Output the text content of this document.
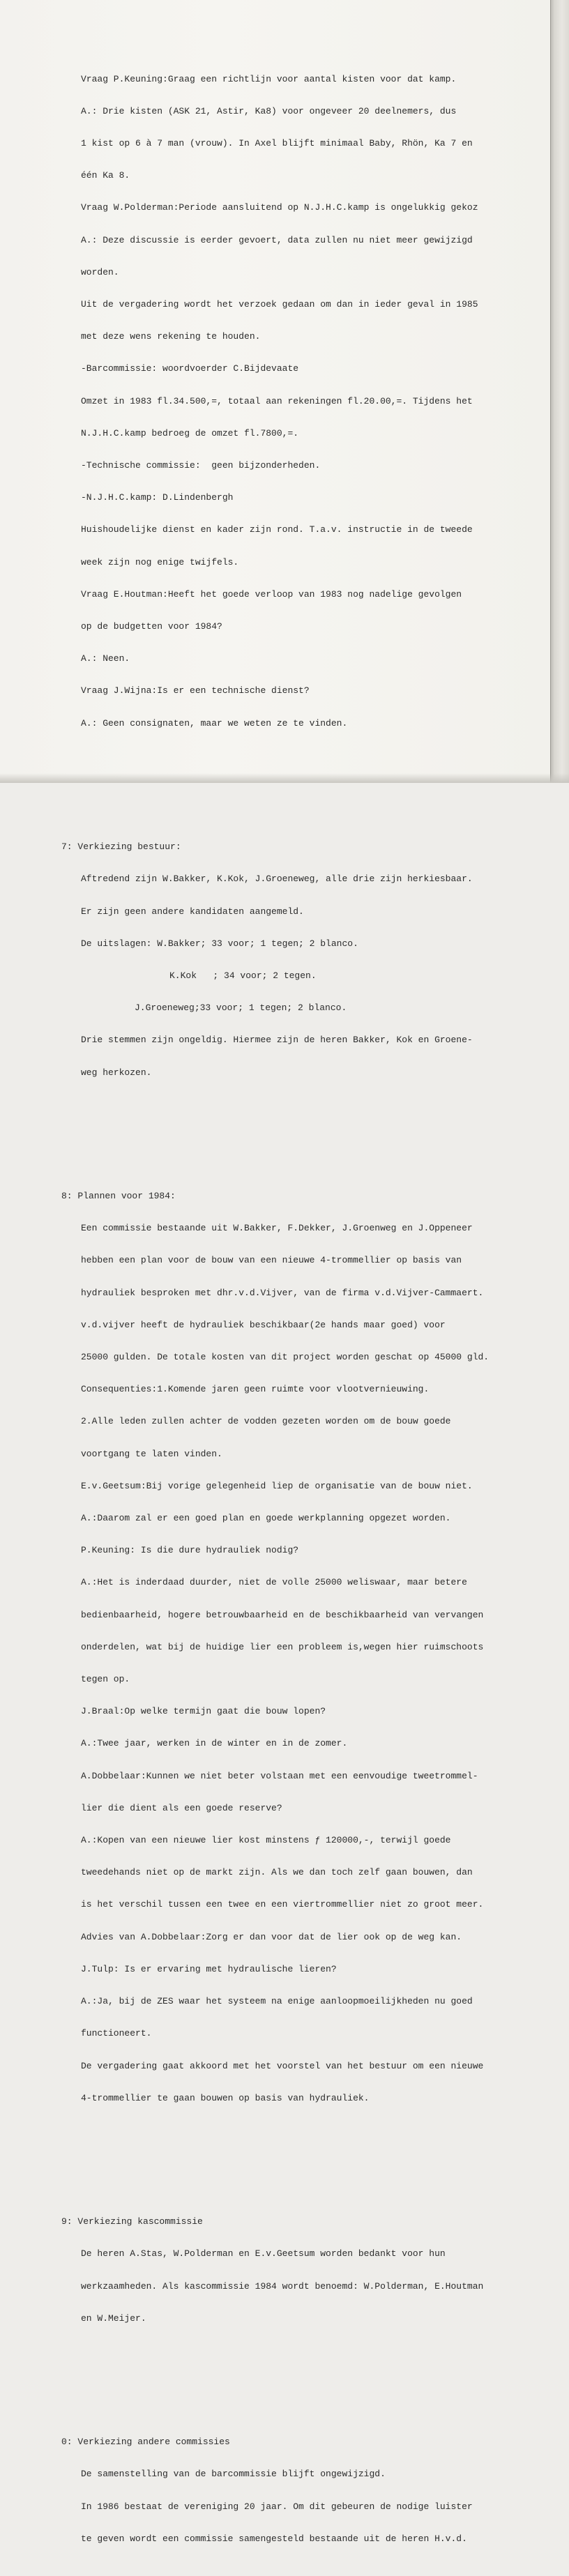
Vraag P.Keuning:Graag een richtlijn voor aantal kisten voor dat kamp.

A.: Drie kisten (ASK 21, Astir, Ka8) voor ongeveer 20 deelnemers, dus

1 kist op 6 à 7 man (vrouw). In Axel blijft minimaal Baby, Rhön, Ka 7 en

één Ka 8.

Vraag W.Polderman:Periode aansluitend op N.J.H.C.kamp is ongelukkig gekoz

A.: Deze discussie is eerder gevoert, data zullen nu niet meer gewijzigd

worden.

Uit de vergadering wordt het verzoek gedaan om dan in ieder geval in 1985

met deze wens rekening te houden.

-Barcommissie: woordvoerder C.Bijdevaate

Omzet in 1983 fl.34.500,=, totaal aan rekeningen fl.20.00,=. Tijdens het

N.J.H.C.kamp bedroeg de omzet fl.7800,=.

-Technische commissie:  geen bijzonderheden.

-N.J.H.C.kamp: D.Lindenbergh

Huishoudelijke dienst en kader zijn rond. T.a.v. instructie in de tweede

week zijn nog enige twijfels.

Vraag E.Houtman:Heeft het goede verloop van 1983 nog nadelige gevolgen

op de budgetten voor 1984?

A.: Neen.

Vraag J.Wijna:Is er een technische dienst?

A.: Geen consignaten, maar we weten ze te vinden.

7: Verkiezing bestuur:

Aftredend zijn W.Bakker, K.Kok, J.Groeneweg, alle drie zijn herkiesbaar.

Er zijn geen andere kandidaten aangemeld.

De uitslagen: W.Bakker; 33 voor; 1 tegen; 2 blanco.

K.Kok   ; 34 voor; 2 tegen.

J.Groeneweg;33 voor; 1 tegen; 2 blanco.

Drie stemmen zijn ongeldig. Hiermee zijn de heren Bakker, Kok en Groene-

weg herkozen.

8: Plannen voor 1984:

Een commissie bestaande uit W.Bakker, F.Dekker, J.Groenweg en J.Oppeneer

hebben een plan voor de bouw van een nieuwe 4-trommellier op basis van

hydrauliek besproken met dhr.v.d.Vijver, van de firma v.d.Vijver-Cammaert.

v.d.vijver heeft de hydrauliek beschikbaar(2e hands maar goed) voor

25000 gulden. De totale kosten van dit project worden geschat op 45000 gld.

Consequenties:1.Komende jaren geen ruimte voor vlootvernieuwing.

2.Alle leden zullen achter de vodden gezeten worden om de bouw goede

voortgang te laten vinden.

E.v.Geetsum:Bij vorige gelegenheid liep de organisatie van de bouw niet.

A.:Daarom zal er een goed plan en goede werkplanning opgezet worden.

P.Keuning: Is die dure hydrauliek nodig?

A.:Het is inderdaad duurder, niet de volle 25000 weliswaar, maar betere

bedienbaarheid, hogere betrouwbaarheid en de beschikbaarheid van vervangen

onderdelen, wat bij de huidige lier een probleem is,wegen hier ruimschoots

tegen op.

J.Braal:Op welke termijn gaat die bouw lopen?

A.:Twee jaar, werken in de winter en in de zomer.

A.Dobbelaar:Kunnen we niet beter volstaan met een eenvoudige tweetrommel-

lier die dient als een goede reserve?

A.:Kopen van een nieuwe lier kost minstens ƒ 120000,-, terwijl goede

tweedehands niet op de markt zijn. Als we dan toch zelf gaan bouwen, dan

is het verschil tussen een twee en een viertrommellier niet zo groot meer.

Advies van A.Dobbelaar:Zorg er dan voor dat de lier ook op de weg kan.

J.Tulp: Is er ervaring met hydraulische lieren?

A.:Ja, bij de ZES waar het systeem na enige aanloopmoeilijkheden nu goed

functioneert.

De vergadering gaat akkoord met het voorstel van het bestuur om een nieuwe

4-trommellier te gaan bouwen op basis van hydrauliek.

9: Verkiezing kascommissie

De heren A.Stas, W.Polderman en E.v.Geetsum worden bedankt voor hun

werkzaamheden. Als kascommissie 1984 wordt benoemd: W.Polderman, E.Houtman

en W.Meijer.

0: Verkiezing andere commissies

De samenstelling van de barcommissie blijft ongewijzigd.

In 1986 bestaat de vereniging 20 jaar. Om dit gebeuren de nodige luister

te geven wordt een commissie samengesteld bestaande uit de heren H.v.d.
